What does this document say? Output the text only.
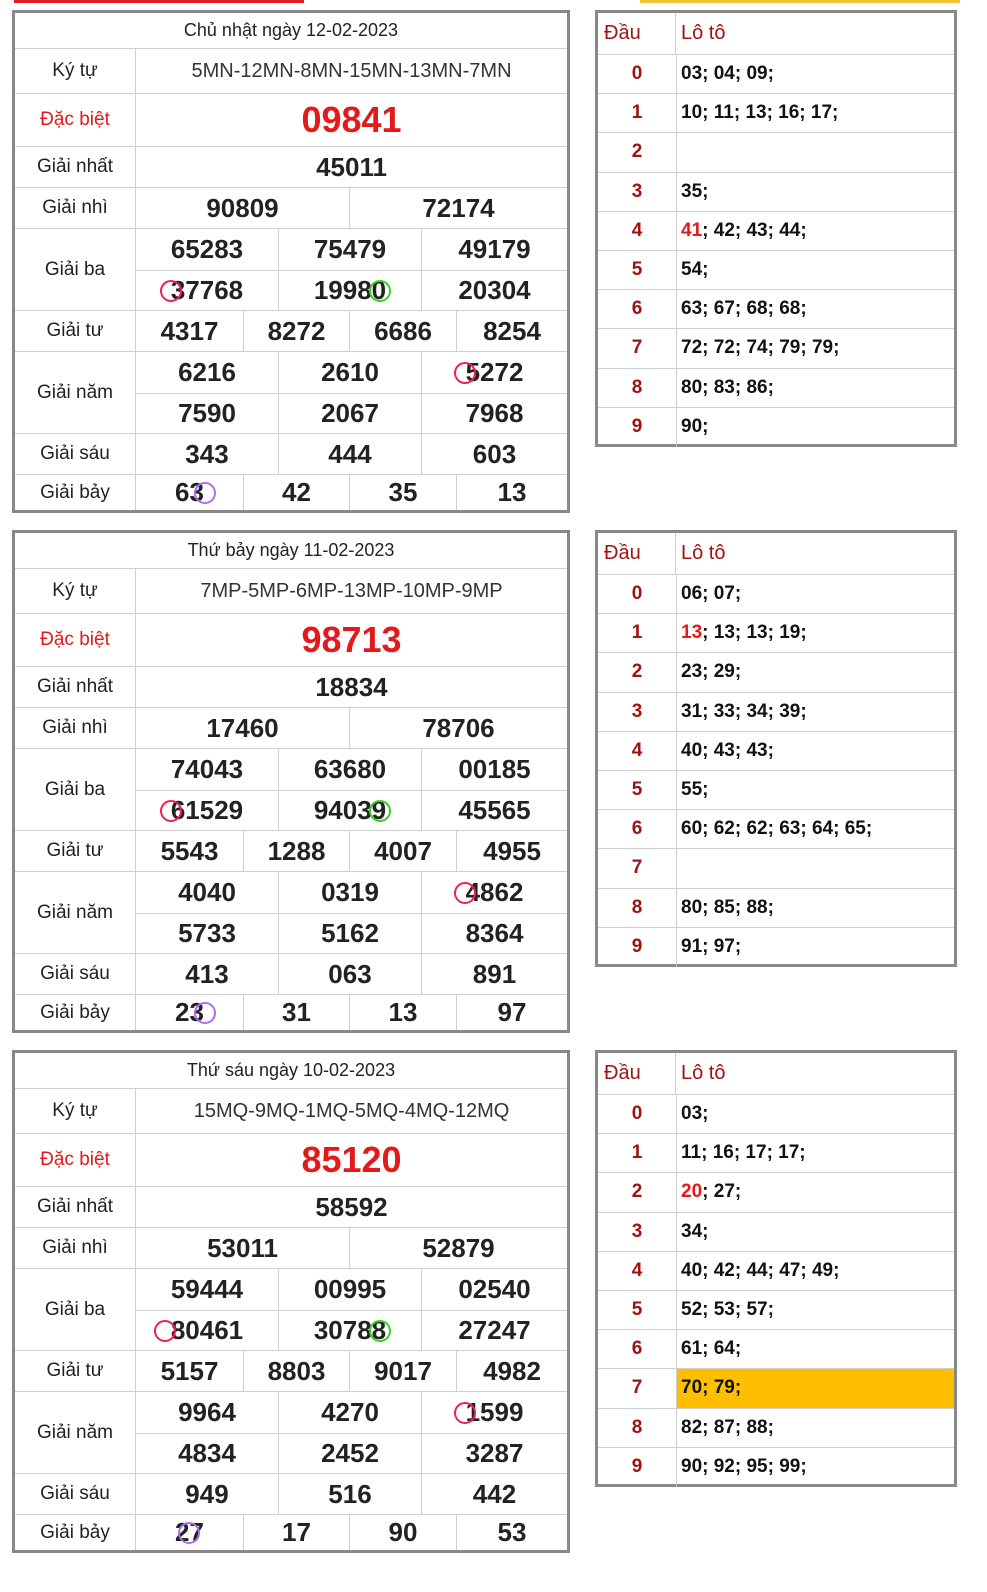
Chủ nhật ngày 12-02-2023
Ký tự	5MN-12MN-8MN-15MN-13MN-7MN
Đặc biệt	09841
Giải nhất	45011
Giải nhì	90809	72174
Giải ba
65283	75479	49179
37768	19980	20304
Giải tư	4317 8272 6686 8254
Giải năm
6216	2610	5272
7590	2067	7968
Giải sáu	343	444	603
Giải bảy	63	42	35	13
Đầu	Lô tô
0	03; 04; 09;
1	10; 11; 13; 16; 17;
2
3	35;
4	41 ; 42; 43; 44;
5	54;
6	63; 67; 68; 68;
7	72; 72; 74; 79; 79;
8	80; 83; 86;
9	90;
Thứ bảy ngày 11-02-2023
Ký tự	7MP-5MP-6MP-13MP-10MP-9MP
Đặc biệt	98713
Giải nhất	18834
Giải nhì	17460	78706
Giải ba
74043	63680	00185
61529	94039	45565
Giải tư	5543 1288 4007 4955
Giải năm
4040	0319	4862
5733	5162	8364
Giải sáu	413	063	891
Giải bảy	23	31	13	97
Đầu	Lô tô
0	06; 07;
1	13 ; 13; 13; 19;
2	23; 29;
3	31; 33; 34; 39;
4	40; 43; 43;
5	55;
6	60; 62; 62; 63; 64; 65;
7
8	80; 85; 88;
9	91; 97;
Thứ sáu ngày 10-02-2023
Ký tự	15MQ-9MQ-1MQ-5MQ-4MQ-12MQ
Đặc biệt	85120
Giải nhất	58592
Giải nhì	53011	52879
Giải ba
59444	00995	02540
80461	30788	27247
Giải tư	5157 8803 9017 4982
Giải năm
9964	4270	1599
4834	2452	3287
Giải sáu	949	516	442
Giải bảy	27	17	90	53
Đầu	Lô tô
0	03;
1	11; 16; 17; 17;
2	20 ; 27;
3	34;
4	40; 42; 44; 47; 49;
5	52; 53; 57;
6	61; 64;
7	70; 79;
8	82; 87; 88;
9	90; 92; 95; 99;
